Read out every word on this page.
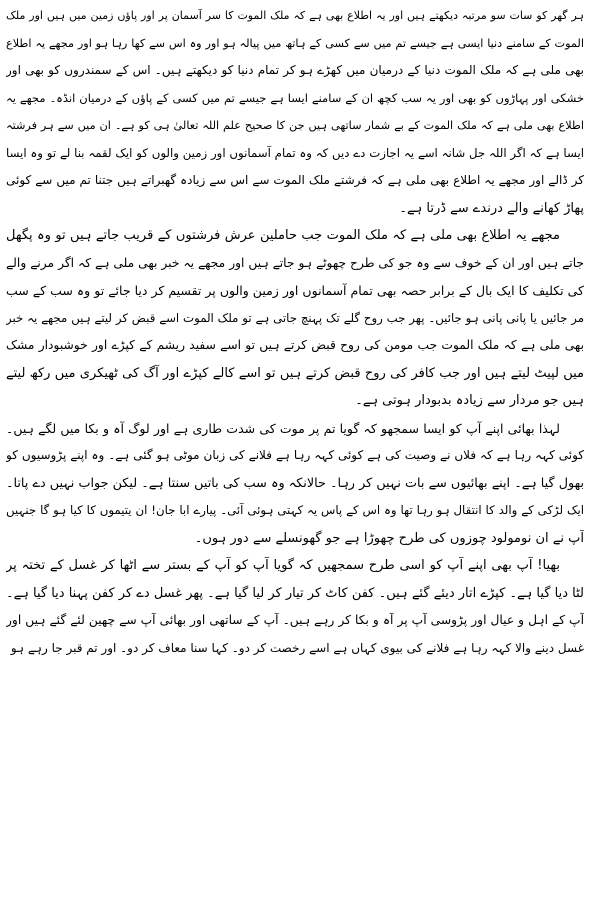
ہر گھر کو سات سو مرتبہ دیکھتے ہیں اور یہ اطلاع بھی ہے کہ ملک الموت کا سر آسمان پر اور پاؤں زمین میں ہیں اور ملک
الموت کے سامنے دنیا ایسی ہے جیسے تم میں سے کسی کے ہاتھ میں پیالہ ہو اور وہ اس سے کھا رہا ہو اور مجھے یہ اطلاع
بھی ملی ہے کہ ملک الموت دنیا کے درمیان میں کھڑے ہو کر تمام دنیا کو دیکھتے ہیں۔ اس کے سمندروں کو بھی اور
خشکی اور پہاڑوں کو بھی اور یہ سب کچھ ان کے سامنے ایسا ہے جیسے تم میں کسی کے پاؤں کے درمیان انڈہ۔ مجھے یہ
اطلاع بھی ملی ہے کہ ملک الموت کے بے شمار ساتھی ہیں جن کا صحیح علم اللہ تعالیٰ ہی کو ہے۔ ان میں سے ہر فرشتہ
ایسا ہے کہ اگر اللہ جل شانہ اسے یہ اجازت دے دیں کہ وہ تمام آسمانوں اور زمین والوں کو ایک لقمہ بنا لے تو وہ ایسا
کر ڈالے اور مجھے یہ اطلاع بھی ملی ہے کہ فرشتے ملک الموت سے اس سے زیادہ گھبراتے ہیں جتنا تم میں سے کوئی
پھاڑ کھانے والے درندے سے ڈرتا ہے۔
مجھے یہ اطلاع بھی ملی ہے کہ ملک الموت جب حاملین عرش فرشتوں کے قریب جاتے ہیں تو وہ پگھل
جاتے ہیں اور ان کے خوف سے وہ جو کی طرح چھوٹے ہو جاتے ہیں اور مجھے یہ خبر بھی ملی ہے کہ اگر مرنے والے
کی تکلیف کا ایک بال کے برابر حصہ بھی تمام آسمانوں اور زمین والوں پر تقسیم کر دیا جائے تو وہ سب کے سب
مر جائیں یا پانی پانی ہو جائیں۔ پھر جب روح گلے تک پہنچ جاتی ہے تو ملک الموت اسے قبض کر لیتے ہیں مجھے یہ خبر
بھی ملی ہے کہ ملک الموت جب مومن کی روح قبض کرتے ہیں تو اسے سفید ریشم کے کپڑے اور خوشبودار مشک
میں لپیٹ لیتے ہیں اور جب کافر کی روح قبض کرتے ہیں تو اسے کالے کپڑے اور آگ کی ٹھیکری میں رکھ لیتے
ہیں جو مردار سے زیادہ بدبودار ہوتی ہے۔
لہذا بھائی اپنے آپ کو ایسا سمجھو کہ گویا تم پر موت کی شدت طاری ہے اور لوگ آہ و بکا میں لگے ہیں۔
کوئی کہہ رہا ہے کہ فلاں نے وصیت کی ہے کوئی کہہ رہا ہے فلانے کی زبان موٹی ہو گئی ہے۔ وہ اپنے پڑوسیوں کو
بھول گیا ہے۔ اپنے بھائیوں سے بات نہیں کر رہا۔ حالانکہ وہ سب کی باتیں سنتا ہے۔ لیکن جواب نہیں دے پاتا۔
ایک لڑکی کے والد کا انتقال ہو رہا تھا وہ اس کے پاس یہ کہتی ہوئی آئی۔ پیارے ابا جان! ان یتیموں کا کیا ہو گا جنہیں
آپ نے ان نومولود چوزوں کی طرح چھوڑا ہے جو گھونسلے سے دور ہوں۔
بھیا! آپ بھی اپنے آپ کو اسی طرح سمجھیں کہ گویا آپ کو آپ کے بستر سے اٹھا کر غسل کے تختہ پر
لٹا دیا گیا ہے۔ کپڑے اتار دیئے گئے ہیں۔ کفن کاٹ کر تیار کر لیا گیا ہے۔ پھر غسل دے کر کفن پہنا دیا گیا ہے۔
آپ کے اہل و عیال اور پڑوسی آپ پر آہ و بکا کر رہے ہیں۔ آپ کے ساتھی اور بھائی آپ سے چھین لئے گئے ہیں اور
غسل دینے والا کہہ رہا ہے فلانے کی بیوی کہاں ہے اسے رخصت کر دو۔ کہا سنا معاف کر دو۔ اور تم قبر جا رہے ہو
